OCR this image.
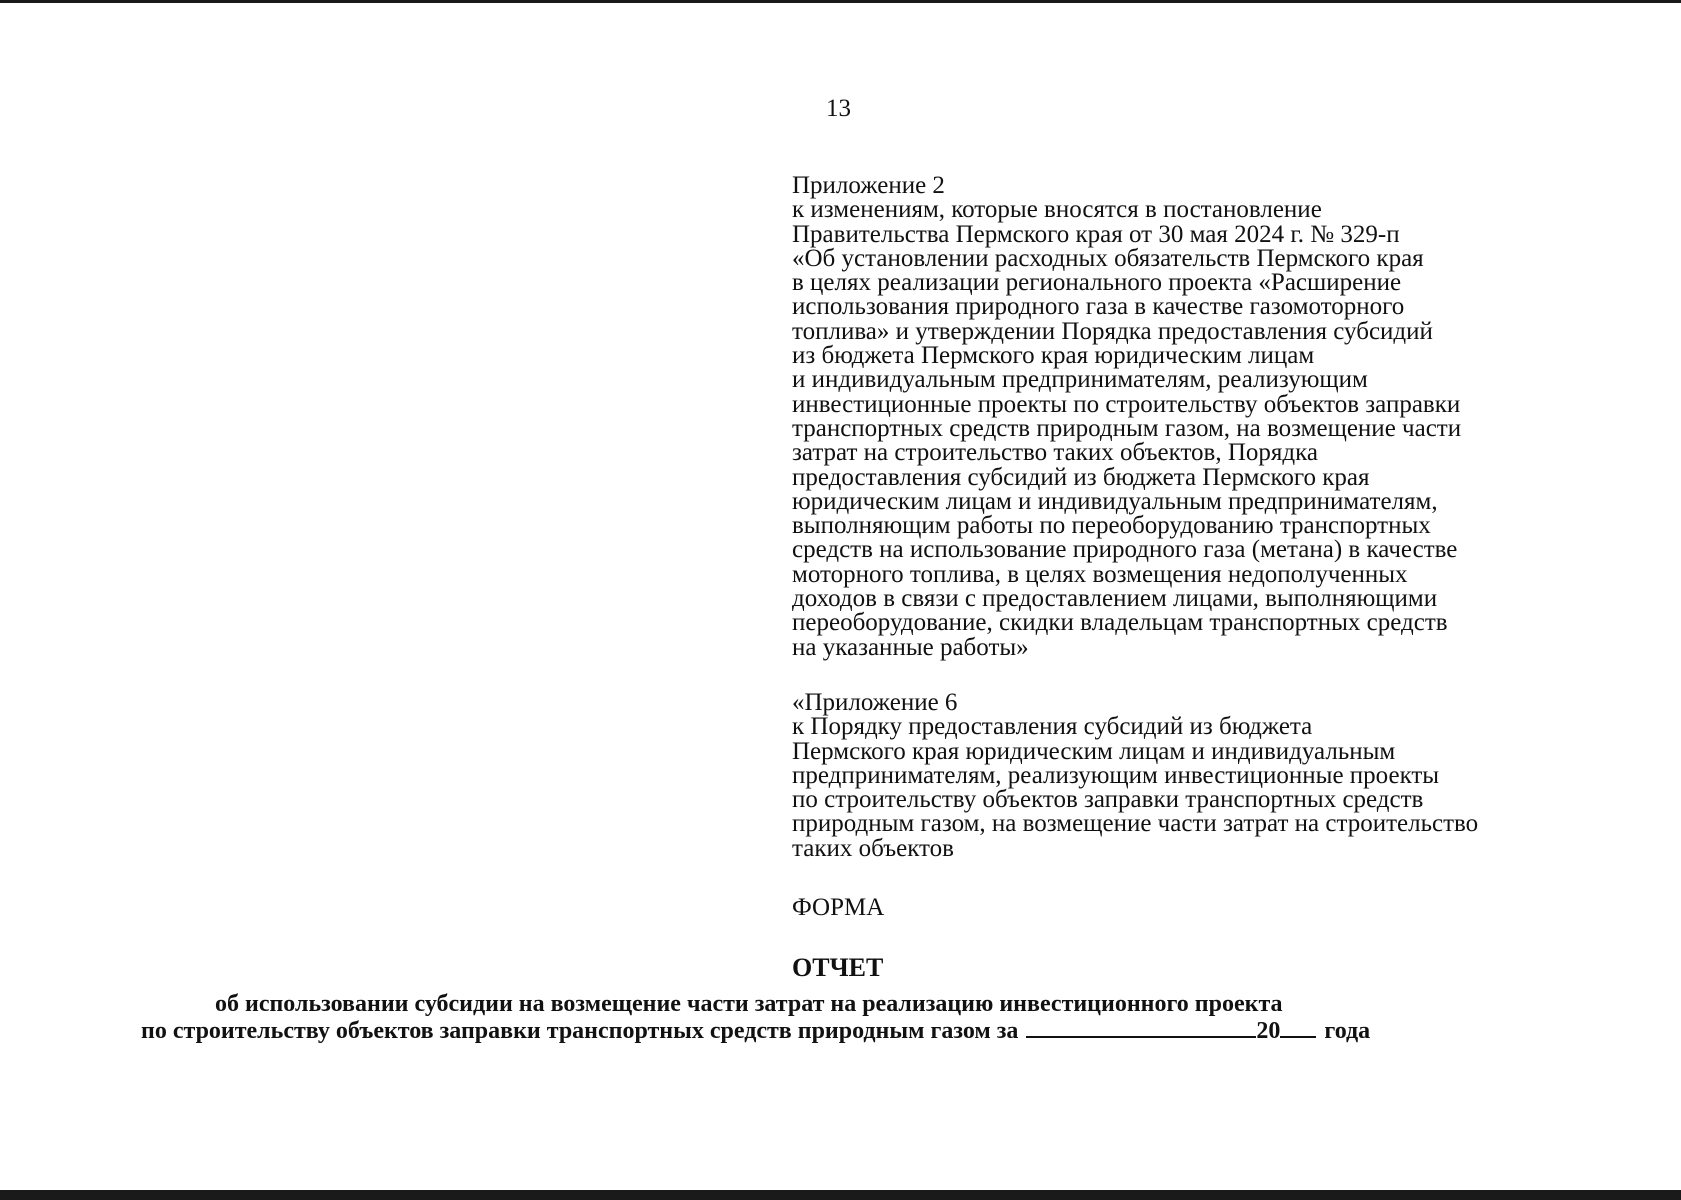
13
Приложение 2
к изменениям, которые вносятся в постановление
Правительства Пермского края от 30 мая 2024 г. № 329-п
«Об установлении расходных обязательств Пермского края
в целях реализации регионального проекта «Расширение
использования природного газа в качестве газомоторного
топлива» и утверждении Порядка предоставления субсидий
из бюджета Пермского края юридическим лицам
и индивидуальным предпринимателям, реализующим
инвестиционные проекты по строительству объектов заправки
транспортных средств природным газом, на возмещение части
затрат на строительство таких объектов, Порядка
предоставления субсидий из бюджета Пермского края
юридическим лицам и индивидуальным предпринимателям,
выполняющим работы по переоборудованию транспортных
средств на использование природного газа (метана) в качестве
моторного топлива, в целях возмещения недополученных
доходов в связи с предоставлением лицами, выполняющими
переоборудование, скидки владельцам транспортных средств
на указанные работы»
«Приложение 6
к Порядку предоставления субсидий из бюджета
Пермского края юридическим лицам и индивидуальным
предпринимателям, реализующим инвестиционные проекты
по строительству объектов заправки транспортных средств
природным газом, на возмещение части затрат на строительство
таких объектов
ФОРМА
ОТЧЕТ
об использовании субсидии на возмещение части затрат на реализацию инвестиционного проекта
по строительству объектов заправки транспортных средств природным газом за	20 года
